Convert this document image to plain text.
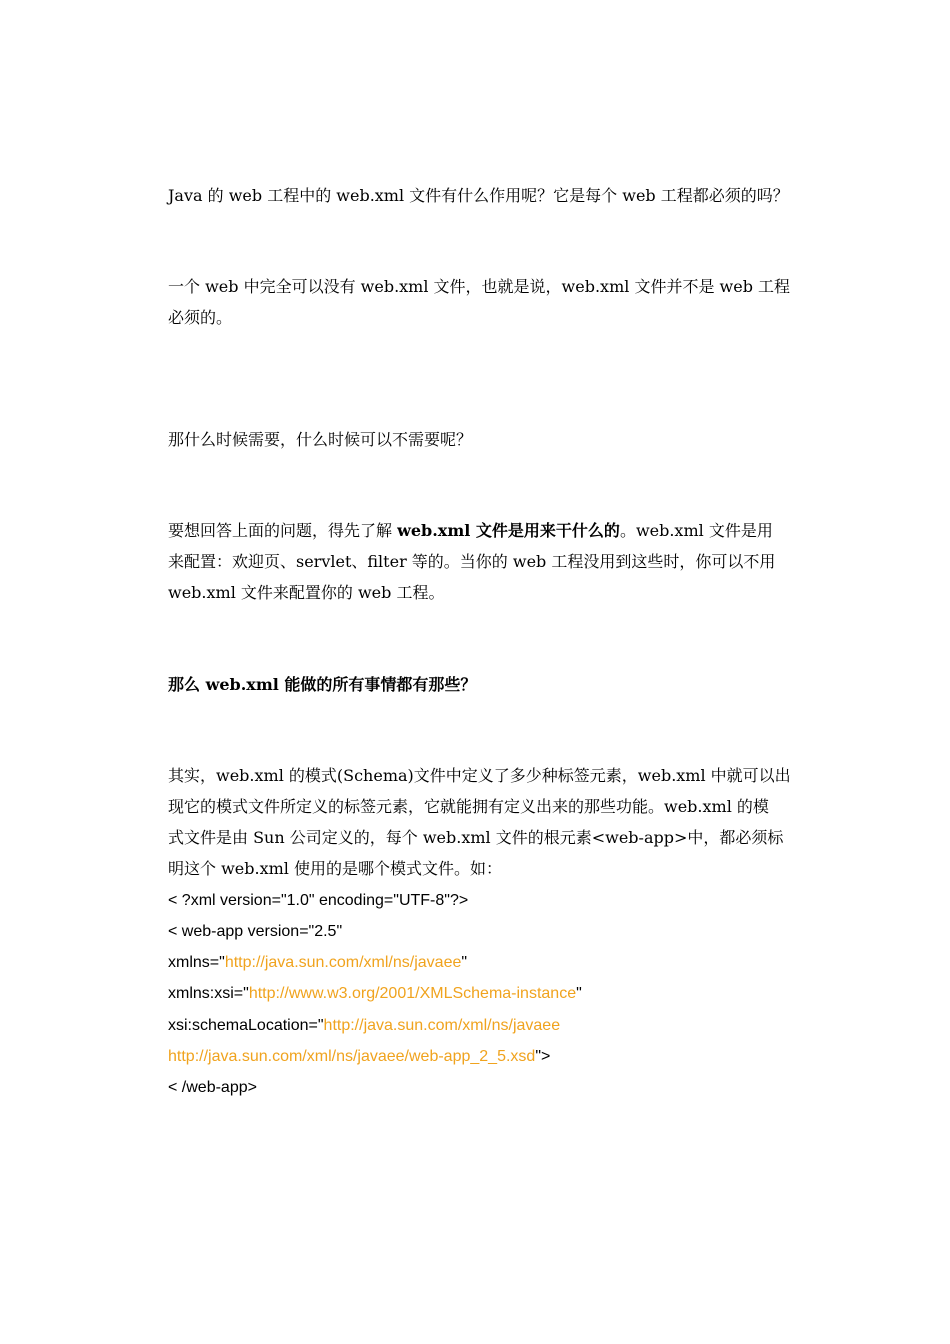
Java 的 web 工程中的 web.xml 文件有什么作用呢？它是每个 web 工程都必须的吗？

一个 web 中完全可以没有 web.xml 文件，也就是说，web.xml 文件并不是 web 工程

必须的。

那什么时候需要，什么时候可以不需要呢？

要想回答上面的问题，得先了解 web.xml 文件是用来干什么的。web.xml 文件是用

来配置：欢迎页、servlet、filter 等的。当你的 web 工程没用到这些时，你可以不用

web.xml 文件来配置你的 web 工程。

那么 web.xml 能做的所有事情都有那些？

其实，web.xml 的模式(Schema)文件中定义了多少种标签元素，web.xml 中就可以出

现它的模式文件所定义的标签元素，它就能拥有定义出来的那些功能。web.xml 的模

式文件是由 Sun 公司定义的，每个 web.xml 文件的根元素<web-app>中，都必须标

明这个 web.xml 使用的是哪个模式文件。如：

< ?xml version="1.0" encoding="UTF-8"?>

< web-app version="2.5"

xmlns="http://java.sun.com/xml/ns/javaee"

xmlns:xsi="http://www.w3.org/2001/XMLSchema-instance"

xsi:schemaLocation="http://java.sun.com/xml/ns/javaee

http://java.sun.com/xml/ns/javaee/web-app_2_5.xsd">

< /web-app>
